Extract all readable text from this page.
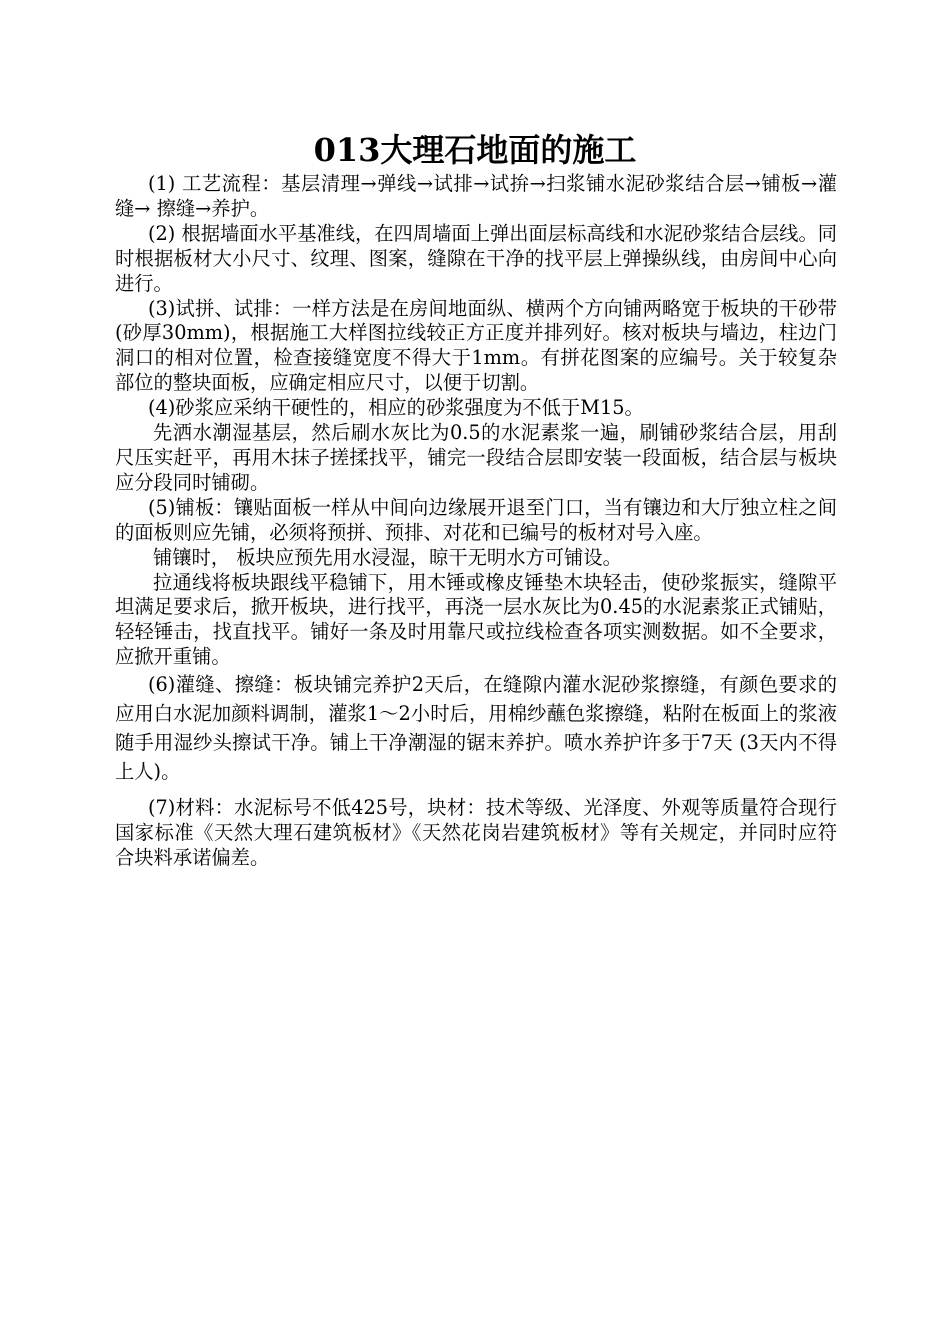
013大理石地面的施工

(1) 工艺流程：基层清理→弹线→试排→试拚→扫浆铺水泥砂浆结合层→铺板→灌缝→ 擦缝→养护。

(2) 根据墙面水平基准线，在四周墙面上弹出面层标高线和水泥砂浆结合层线。同时根据板材大小尺寸、纹理、图案，缝隙在干净的找平层上弹操纵线，由房间中心向进行。

(3)试拼、试排：一样方法是在房间地面纵、横两个方向铺两略宽于板块的干砂带(砂厚30mm)，根据施工大样图拉线较正方正度并排列好。核对板块与墙边，柱边门洞口的相对位置，检查接缝宽度不得大于1mm。有拼花图案的应编号。关于较复杂部位的整块面板，应确定相应尺寸，以便于切割。

(4)砂浆应采纳干硬性的，相应的砂浆强度为不低于M15。

先洒水潮湿基层，然后刷水灰比为0.5的水泥素浆一遍，刷铺砂浆结合层，用刮尺压实赶平，再用木抹子搓揉找平，铺完一段结合层即安装一段面板，结合层与板块应分段同时铺砌。

(5)铺板：镶贴面板一样从中间向边缘展开退至门口，当有镶边和大厅独立柱之间的面板则应先铺，必须将预拼、预排、对花和已编号的板材对号入座。

铺镶时， 板块应预先用水浸湿，晾干无明水方可铺设。

拉通线将板块跟线平稳铺下，用木锤或橡皮锤垫木块轻击，使砂浆振实，缝隙平坦满足要求后，掀开板块，进行找平，再浇一层水灰比为0.45的水泥素浆正式铺贴，轻轻锤击，找直找平。铺好一条及时用靠尺或拉线检查各项实测数据。如不全要求，应掀开重铺。

(6)灌缝、擦缝：板块铺完养护2天后，在缝隙内灌水泥砂浆擦缝，有颜色要求的应用白水泥加颜料调制，灌浆1～2小时后，用棉纱蘸色浆擦缝，粘附在板面上的浆液随手用湿纱头擦试干净。铺上干净潮湿的锯末养护。喷水养护许多于7天 (3天内不得上人)。

(7)材料：水泥标号不低425号，块材：技术等级、光泽度、外观等质量符合现行国家标准《天然大理石建筑板材》《天然花岗岩建筑板材》等有关规定，并同时应符合块料承诺偏差。
